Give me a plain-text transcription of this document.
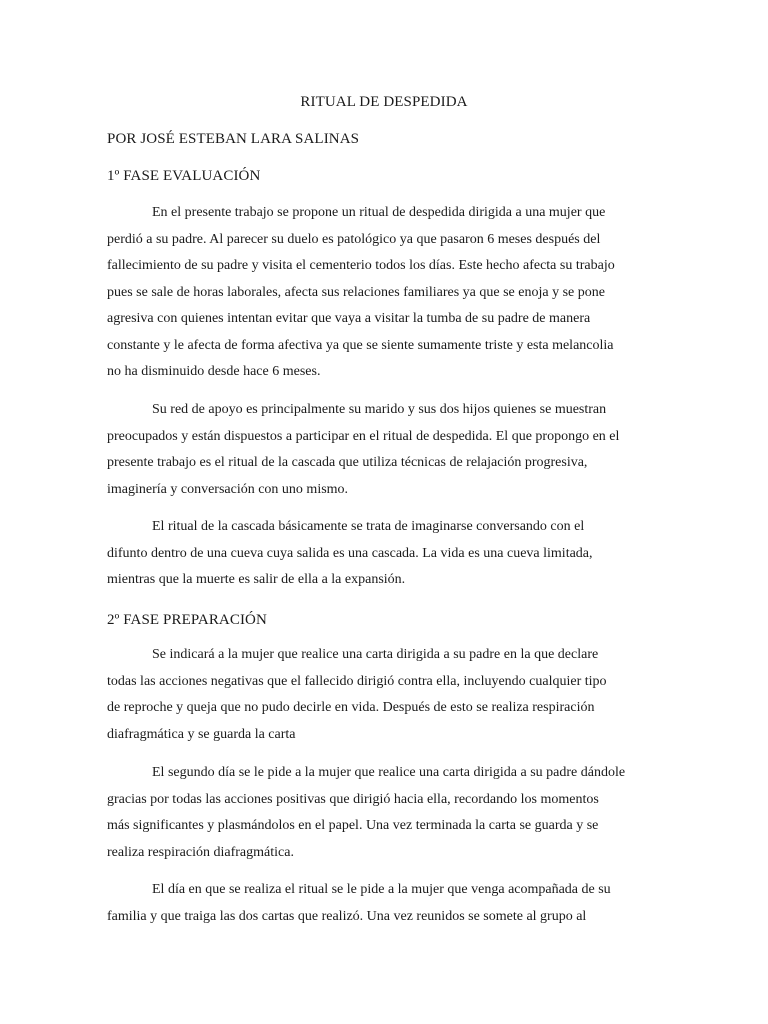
RITUAL DE DESPEDIDA
POR JOSÉ ESTEBAN LARA SALINAS
1º FASE EVALUACIÓN

En el presente trabajo se propone un ritual de despedida dirigida a una mujer que
perdió a su padre. Al parecer su duelo es patológico ya que pasaron 6 meses después del
fallecimiento de su padre y visita el cementerio todos los días. Este hecho afecta su trabajo
pues se sale de horas laborales, afecta sus relaciones familiares ya que se enoja y se pone
agresiva con quienes intentan evitar que vaya a visitar la tumba de su padre de manera
constante y le afecta de forma afectiva ya que se siente sumamente triste y esta melancolia
no ha disminuido desde hace 6 meses.

Su red de apoyo es principalmente su marido y sus dos hijos quienes se muestran
preocupados y están dispuestos a participar en el ritual de despedida. El que propongo en el
presente trabajo es el ritual de la cascada que utiliza técnicas de relajación progresiva,
imaginería y conversación con uno mismo.

El ritual de la cascada básicamente se trata de imaginarse conversando con el
difunto dentro de una cueva cuya salida es una cascada. La vida es una cueva limitada,
mientras que la muerte es salir de ella a la expansión.

2º FASE PREPARACIÓN

Se indicará a la mujer que realice una carta dirigida a su padre en la que declare
todas las acciones negativas que el fallecido dirigió contra ella, incluyendo cualquier tipo
de reproche y queja que no pudo decirle en vida. Después de esto se realiza respiración
diafragmática y se guarda la carta

El segundo día se le pide a la mujer que realice una carta dirigida a su padre dándole
gracias por todas las acciones positivas que dirigió hacia ella, recordando los momentos
más significantes y plasmándolos en el papel. Una vez terminada la carta se guarda y se
realiza respiración diafragmática.

El día en que se realiza el ritual se le pide a la mujer que venga acompañada de su
familia y que traiga las dos cartas que realizó. Una vez reunidos se somete al grupo al
